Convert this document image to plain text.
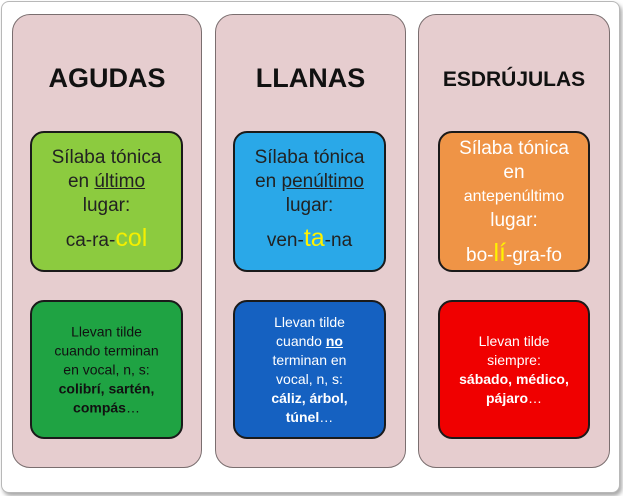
AGUDAS
Sílaba tónica
en último
lugar:
ca-ra-col
Llevan tilde
cuando terminan
en vocal, n, s:
colibrí, sartén,
compás…
LLANAS
Sílaba tónica
en penúltimo
lugar:
ven-ta-na
Llevan tilde
cuando no
terminan en
vocal, n, s:
cáliz, árbol,
túnel…
ESDRÚJULAS
Sílaba tónica
en
antepenúltimo
lugar:
bo-lí-gra-fo
Llevan tilde
siempre:
sábado, médico,
pájaro…
